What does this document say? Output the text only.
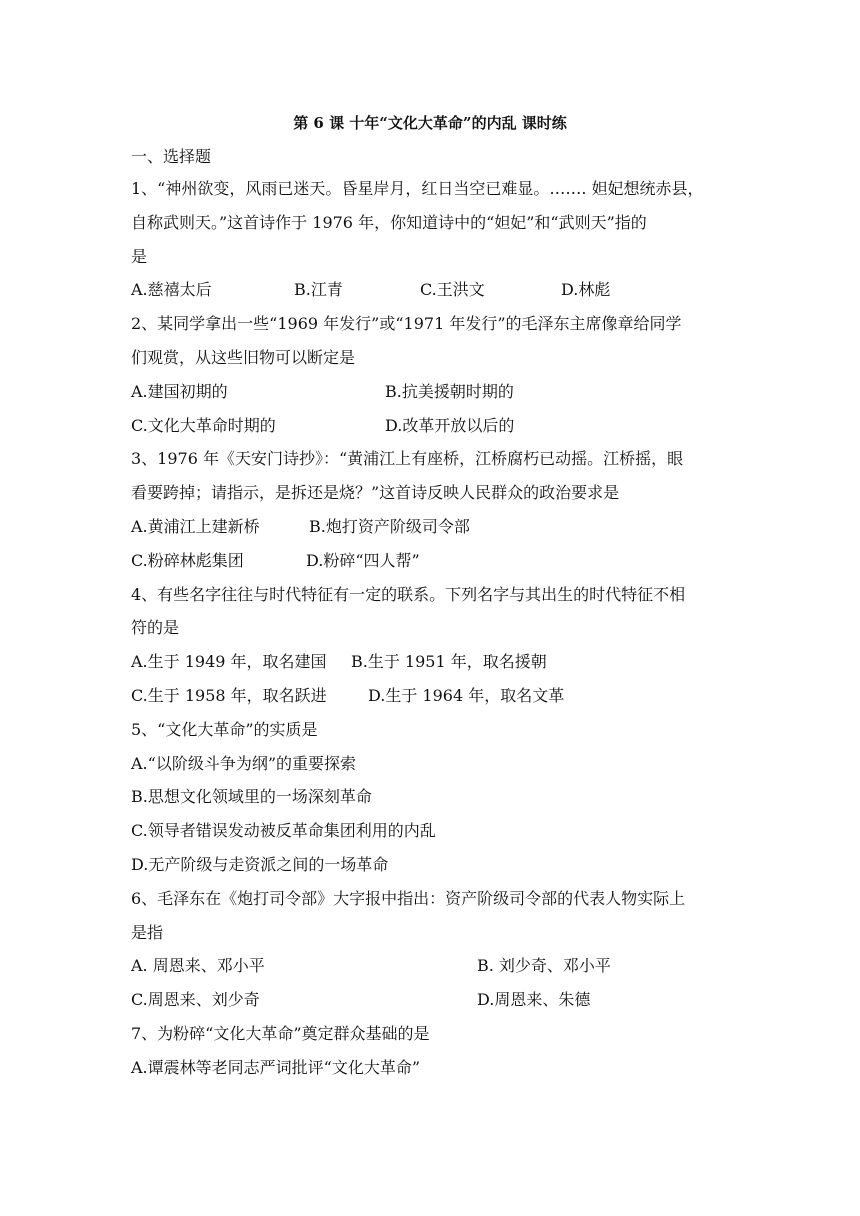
第 6 课 十年“文化大革命”的内乱 课时练
一、选择题
1、“神州欲变，风雨已迷天。昏星岸月，红日当空已难显。……. 妲妃想统赤县，
自称武则天。”这首诗作于 1976 年，你知道诗中的“妲妃”和“武则天”指的
是
A.慈禧太后	B.江青	C.王洪文	D.林彪
2、某同学拿出一些“1969 年发行”或“1971 年发行”的毛泽东主席像章给同学
们观赏，从这些旧物可以断定是
A.建国初期的	B.抗美援朝时期的
C.文化大革命时期的	D.改革开放以后的
3、1976 年《天安门诗抄》：“黄浦江上有座桥，江桥腐朽已动摇。江桥摇，眼
看要跨掉；请指示，是拆还是烧？”这首诗反映人民群众的政治要求是
A.黄浦江上建新桥	B.炮打资产阶级司令部
C.粉碎林彪集团	D.粉碎“四人帮”
4、有些名字往往与时代特征有一定的联系。下列名字与其出生的时代特征不相
符的是
A.生于 1949 年，取名建国 B.生于 1951 年，取名援朝
C.生于 1958 年，取名跃进	D.生于 1964 年，取名文革
5、“文化大革命”的实质是
A.“以阶级斗争为纲”的重要探索
B.思想文化领域里的一场深刻革命
C.领导者错误发动被反革命集团利用的内乱
D.无产阶级与走资派之间的一场革命
6、毛泽东在《炮打司令部》大字报中指出：资产阶级司令部的代表人物实际上
是指
A. 周恩来、邓小平	B. 刘少奇、邓小平
C.周恩来、刘少奇	D.周恩来、朱德
7、为粉碎“文化大革命”奠定群众基础的是
A.谭震林等老同志严词批评“文化大革命”
